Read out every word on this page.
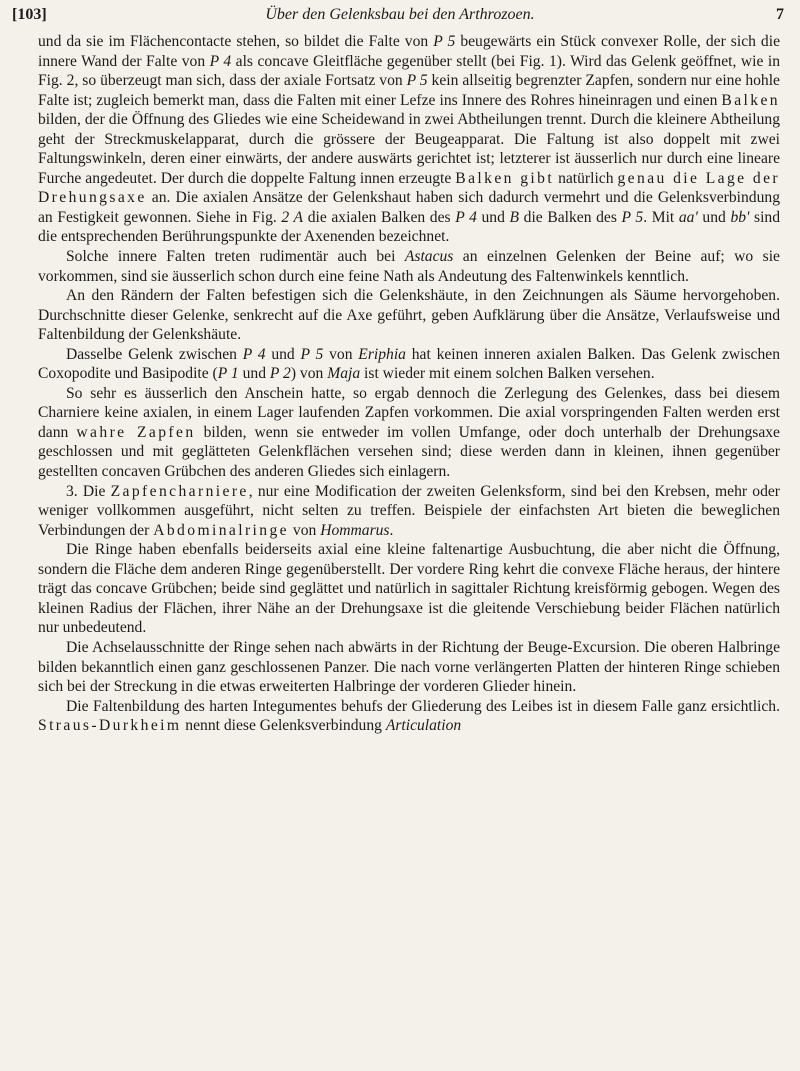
[103]	Über den Gelenksbau bei den Arthrozoen.	7

und da sie im Flächencontacte stehen, so bildet die Falte von P 5 beugewärts ein Stück convexer Rolle, der sich die innere Wand der Falte von P 4 als concave Gleitfläche gegenüber stellt (bei Fig. 1). Wird das Gelenk geöffnet, wie in Fig. 2, so überzeugt man sich, dass der axiale Fortsatz von P 5 kein allseitig begrenzter Zapfen, sondern nur eine hohle Falte ist; zugleich bemerkt man, dass die Falten mit einer Lefze ins Innere des Rohres hineinragen und einen Balken bilden, der die Öffnung des Gliedes wie eine Scheidewand in zwei Abtheilungen trennt. Durch die kleinere Abtheilung geht der Streckmuskelapparat, durch die grössere der Beugeapparat. Die Faltung ist also doppelt mit zwei Faltungswinkeln, deren einer einwärts, der andere auswärts gerichtet ist; letzterer ist äusserlich nur durch eine lineare Furche angedeutet. Der durch die doppelte Faltung innen erzeugte Balken gibt natürlich genau die Lage der Drehungsaxe an. Die axialen Ansätze der Gelenkshaut haben sich dadurch vermehrt und die Gelenksverbindung an Festigkeit gewonnen. Siehe in Fig. 2 A die axialen Balken des P 4 und B die Balken des P 5. Mit aa' und bb' sind die entsprechenden Berührungspunkte der Axenenden bezeichnet.

Solche innere Falten treten rudimentär auch bei Astacus an einzelnen Gelenken der Beine auf; wo sie vorkommen, sind sie äusserlich schon durch eine feine Nath als Andeutung des Faltenwinkels kenntlich.

An den Rändern der Falten befestigen sich die Gelenkshäute, in den Zeichnungen als Säume hervorgehoben. Durchschnitte dieser Gelenke, senkrecht auf die Axe geführt, geben Aufklärung über die Ansätze, Verlaufsweise und Faltenbildung der Gelenkshäute.

Dasselbe Gelenk zwischen P 4 und P 5 von Eriphia hat keinen inneren axialen Balken. Das Gelenk zwischen Coxopodite und Basipodite (P 1 und P 2) von Maja ist wieder mit einem solchen Balken versehen.

So sehr es äusserlich den Anschein hatte, so ergab dennoch die Zerlegung des Gelenkes, dass bei diesem Charniere keine axialen, in einem Lager laufenden Zapfen vorkommen. Die axial vorspringenden Falten werden erst dann wahre Zapfen bilden, wenn sie entweder im vollen Umfange, oder doch unterhalb der Drehungsaxe geschlossen und mit geglätteten Gelenkflächen versehen sind; diese werden dann in kleinen, ihnen gegenüber gestellten concaven Grübchen des anderen Gliedes sich einlagern.

3. Die Zapfencharniere, nur eine Modification der zweiten Gelenksform, sind bei den Krebsen, mehr oder weniger vollkommen ausgeführt, nicht selten zu treffen. Beispiele der einfachsten Art bieten die beweglichen Verbindungen der Abdominalringe von Hommarus.

Die Ringe haben ebenfalls beiderseits axial eine kleine faltenartige Ausbuchtung, die aber nicht die Öffnung, sondern die Fläche dem anderen Ringe gegenüberstellt. Der vordere Ring kehrt die convexe Fläche heraus, der hintere trägt das concave Grübchen; beide sind geglättet und natürlich in sagittaler Richtung kreisförmig gebogen. Wegen des kleinen Radius der Flächen, ihrer Nähe an der Drehungsaxe ist die gleitende Verschiebung beider Flächen natürlich nur unbedeutend.

Die Achselausschnitte der Ringe sehen nach abwärts in der Richtung der Beuge-Excursion. Die oberen Halbringe bilden bekanntlich einen ganz geschlossenen Panzer. Die nach vorne verlängerten Platten der hinteren Ringe schieben sich bei der Streckung in die etwas erweiterten Halbringe der vorderen Glieder hinein.

Die Faltenbildung des harten Integumentes behufs der Gliederung des Leibes ist in diesem Falle ganz ersichtlich. Straus-Durkheim nennt diese Gelenksverbindung Articulation
